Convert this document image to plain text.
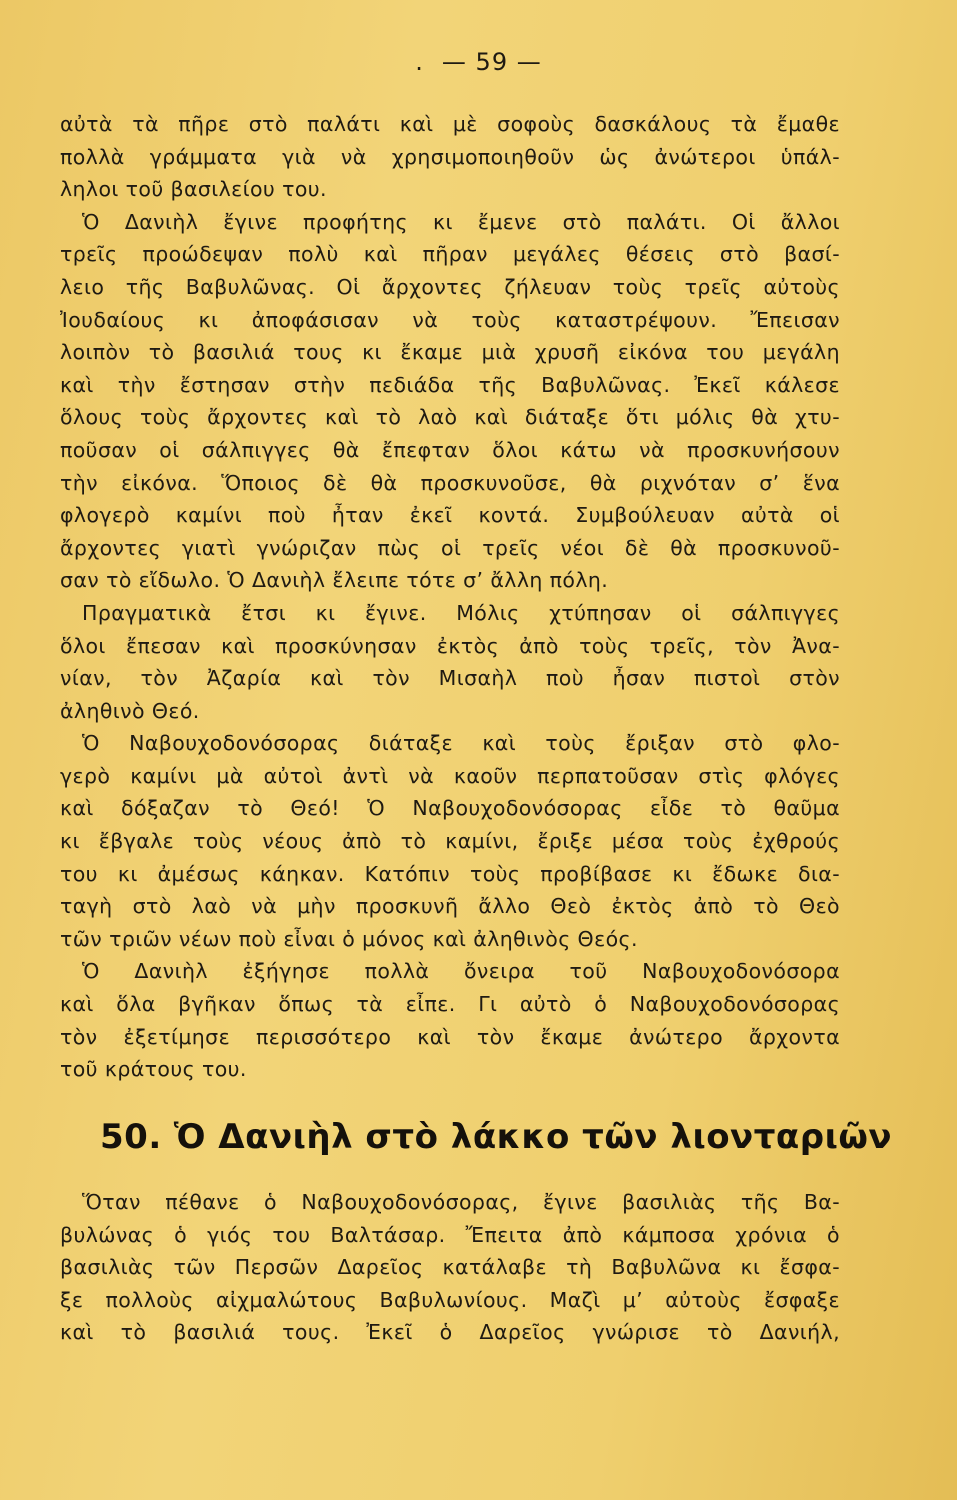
. — 59 —
αὐτὰ τὰ πῆρε στὸ παλάτι καὶ μὲ σοφοὺς δασκάλους τὰ ἔμαθε
πολλὰ γράμματα γιὰ νὰ χρησιμοποιηθοῦν ὡς ἀνώτεροι ὑπάλ-
ληλοι τοῦ βασιλείου του.
Ὁ Δανιὴλ ἔγινε προφήτης κι ἔμενε στὸ παλάτι. Οἱ ἄλλοι
τρεῖς προώδεψαν πολὺ καὶ πῆραν μεγάλες θέσεις στὸ βασί-
λειο τῆς Βαβυλῶνας. Οἱ ἄρχοντες ζήλευαν τοὺς τρεῖς αὐτοὺς
Ἰουδαίους κι ἀποφάσισαν νὰ τοὺς καταστρέψουν. Ἔπεισαν
λοιπὸν τὸ βασιλιά τους κι ἔκαμε μιὰ χρυσῆ εἰκόνα του μεγάλη
καὶ τὴν ἔστησαν στὴν πεδιάδα τῆς Βαβυλῶνας. Ἐκεῖ κάλεσε
ὅλους τοὺς ἄρχοντες καὶ τὸ λαὸ καὶ διάταξε ὅτι μόλις θὰ χτυ-
ποῦσαν οἱ σάλπιγγες θὰ ἔπεφταν ὅλοι κάτω νὰ προσκυνήσουν
τὴν εἰκόνα. Ὅποιος δὲ θὰ προσκυνοῦσε, θὰ ριχνόταν σ’ ἕνα
φλογερὸ καμίνι ποὺ ἦταν ἐκεῖ κοντά. Συμβούλευαν αὐτὰ οἱ
ἄρχοντες γιατὶ γνώριζαν πὼς οἱ τρεῖς νέοι δὲ θὰ προσκυνοῦ-
σαν τὸ εἴδωλο. Ὁ Δανιὴλ ἔλειπε τότε σ’ ἄλλη πόλη.
Πραγματικὰ ἔτσι κι ἔγινε. Μόλις χτύπησαν οἱ σάλπιγγες
ὅλοι ἔπεσαν καὶ προσκύνησαν ἐκτὸς ἀπὸ τοὺς τρεῖς, τὸν Ἀνα-
νίαν, τὸν Ἀζαρία καὶ τὸν Μισαὴλ ποὺ ἦσαν πιστοὶ στὸν
ἀληθινὸ Θεό.
Ὁ Ναβουχοδονόσορας διάταξε καὶ τοὺς ἔριξαν στὸ φλο-
γερὸ καμίνι μὰ αὐτοὶ ἀντὶ νὰ καοῦν περπατοῦσαν στὶς φλόγες
καὶ δόξαζαν τὸ Θεό! Ὁ Ναβουχοδονόσορας εἶδε τὸ θαῦμα
κι ἔβγαλε τοὺς νέους ἀπὸ τὸ καμίνι, ἔριξε μέσα τοὺς ἐχθρούς
του κι ἀμέσως κάηκαν. Κατόπιν τοὺς προβίβασε κι ἔδωκε δια-
ταγὴ στὸ λαὸ νὰ μὴν προσκυνῆ ἄλλο Θεὸ ἐκτὸς ἀπὸ τὸ Θεὸ
τῶν τριῶν νέων ποὺ εἶναι ὁ μόνος καὶ ἀληθινὸς Θεός.
Ὁ Δανιὴλ ἐξήγησε πολλὰ ὄνειρα τοῦ Ναβουχοδονόσορα
καὶ ὅλα βγῆκαν ὅπως τὰ εἶπε. Γι αὐτὸ ὁ Ναβουχοδονόσορας
τὸν ἐξετίμησε περισσότερο καὶ τὸν ἔκαμε ἀνώτερο ἄρχοντα
τοῦ κράτους του.
50. Ὁ Δανιὴλ στὸ λάκκο τῶν λιονταριῶν
Ὅταν πέθανε ὁ Ναβουχοδονόσορας, ἔγινε βασιλιὰς τῆς Βα-
βυλώνας ὁ γιός του Βαλτάσαρ. Ἔπειτα ἀπὸ κάμποσα χρόνια ὁ
βασιλιὰς τῶν Περσῶν Δαρεῖος κατάλαβε τὴ Βαβυλῶνα κι ἔσφα-
ξε πολλοὺς αἰχμαλώτους Βαβυλωνίους. Μαζὶ μ’ αὐτοὺς ἔσφαξε
καὶ τὸ βασιλιά τους. Ἐκεῖ ὁ Δαρεῖος γνώρισε τὸ Δανιήλ,
